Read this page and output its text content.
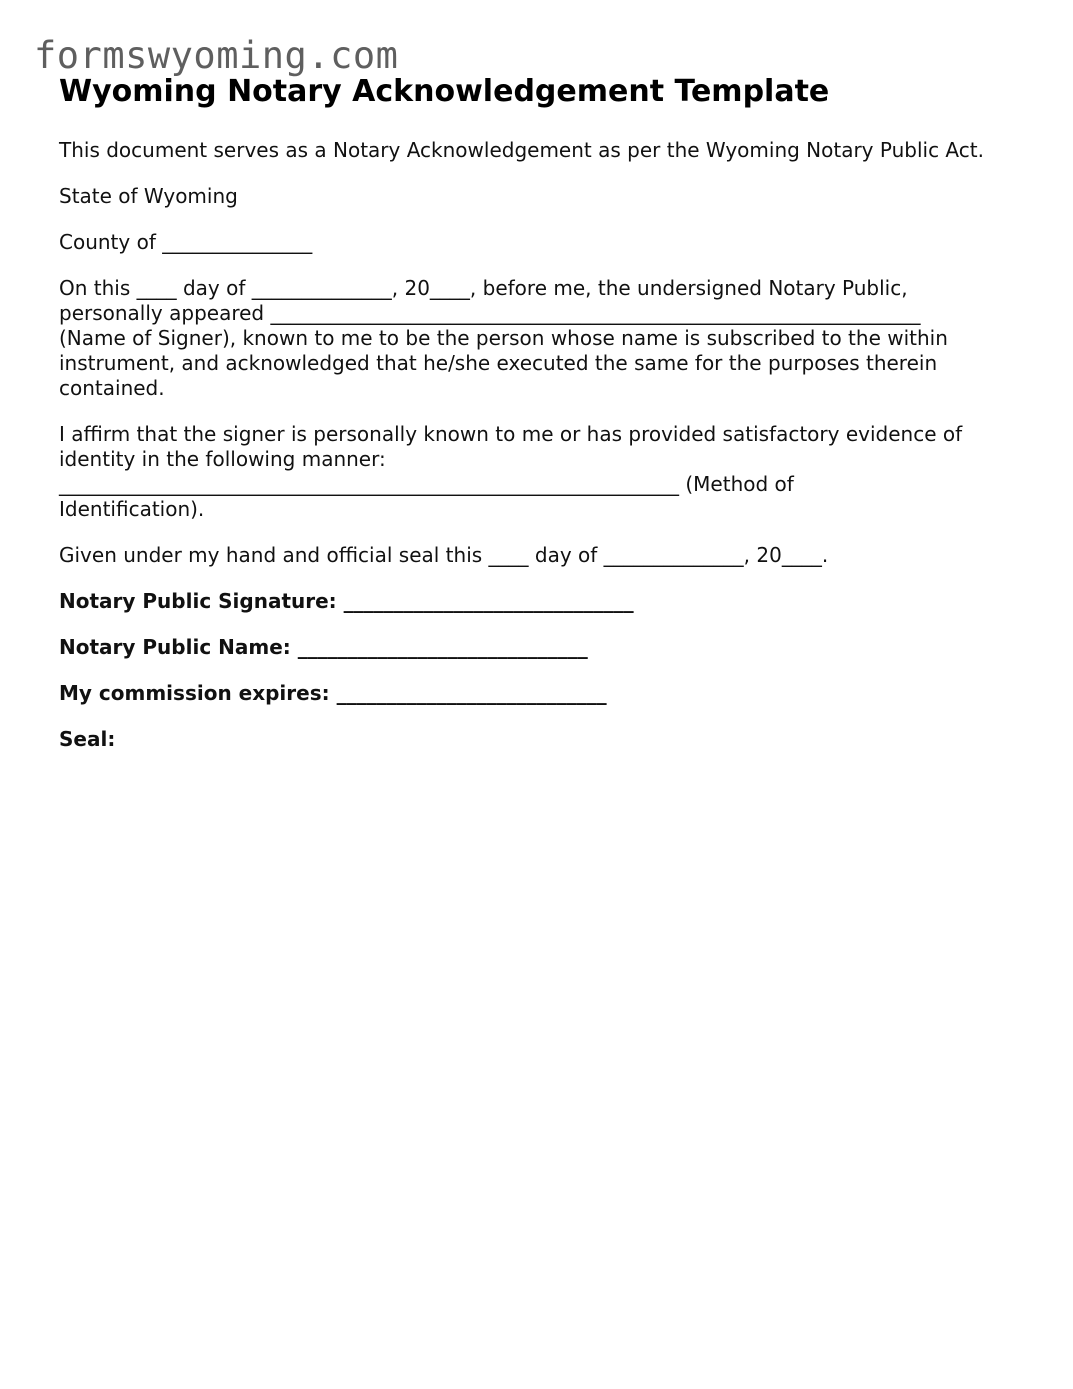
formswyoming.com
Wyoming Notary Acknowledgement Template

This document serves as a Notary Acknowledgement as per the Wyoming Notary Public Act.

State of Wyoming

County of _______________

On this ____ day of ______________, 20____, before me, the undersigned Notary Public,
personally appeared _________________________________________________________________
(Name of Signer), known to me to be the person whose name is subscribed to the within instrument, and acknowledged that he/she executed the same for the purposes therein contained.
I affirm that the signer is personally known to me or has provided satisfactory evidence of identity in the following manner:
______________________________________________________________ (Method of
Identification).

Given under my hand and official seal this ____ day of ______________, 20____.

Notary Public Signature: _____________________________

Notary Public Name: _____________________________

My commission expires: ___________________________

Seal:
